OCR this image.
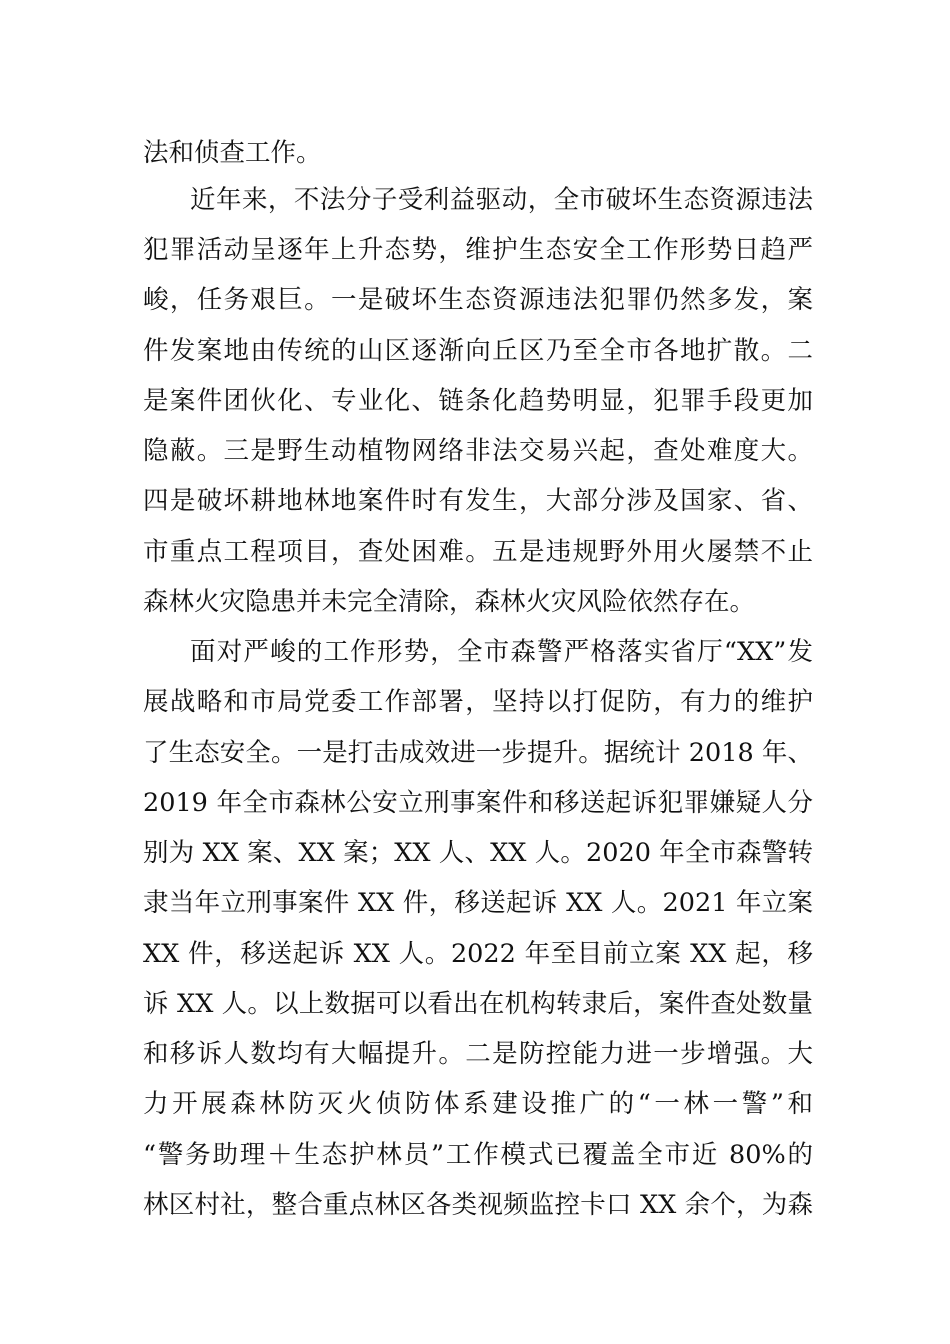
法和侦查工作。
近年来，不法分子受利益驱动，全市破坏生态资源违法
犯罪活动呈逐年上升态势，维护生态安全工作形势日趋严
峻，任务艰巨。一是破坏生态资源违法犯罪仍然多发，案
件发案地由传统的山区逐渐向丘区乃至全市各地扩散。二
是案件团伙化、专业化、链条化趋势明显，犯罪手段更加
隐蔽。三是野生动植物网络非法交易兴起，查处难度大。
四是破坏耕地林地案件时有发生，大部分涉及国家、省、
市重点工程项目，查处困难。五是违规野外用火屡禁不止
森林火灾隐患并未完全清除，森林火灾风险依然存在。
面对严峻的工作形势，全市森警严格落实省厅“XX”发
展战略和市局党委工作部署，坚持以打促防，有力的维护
了生态安全。一是打击成效进一步提升。据统计 2018 年、
2019 年全市森林公安立刑事案件和移送起诉犯罪嫌疑人分
别为 XX 案、XX 案；XX 人、XX 人。2020 年全市森警转
隶当年立刑事案件 XX 件，移送起诉 XX 人。2021 年立案
XX 件，移送起诉 XX 人。2022 年至目前立案 XX 起，移
诉 XX 人。以上数据可以看出在机构转隶后，案件查处数量
和移诉人数均有大幅提升。二是防控能力进一步增强。大
力开展森林防灭火侦防体系建设推广的“一林一警”和
“警务助理＋生态护林员”工作模式已覆盖全市近 80%的
林区村社，整合重点林区各类视频监控卡口 XX 余个，为森
